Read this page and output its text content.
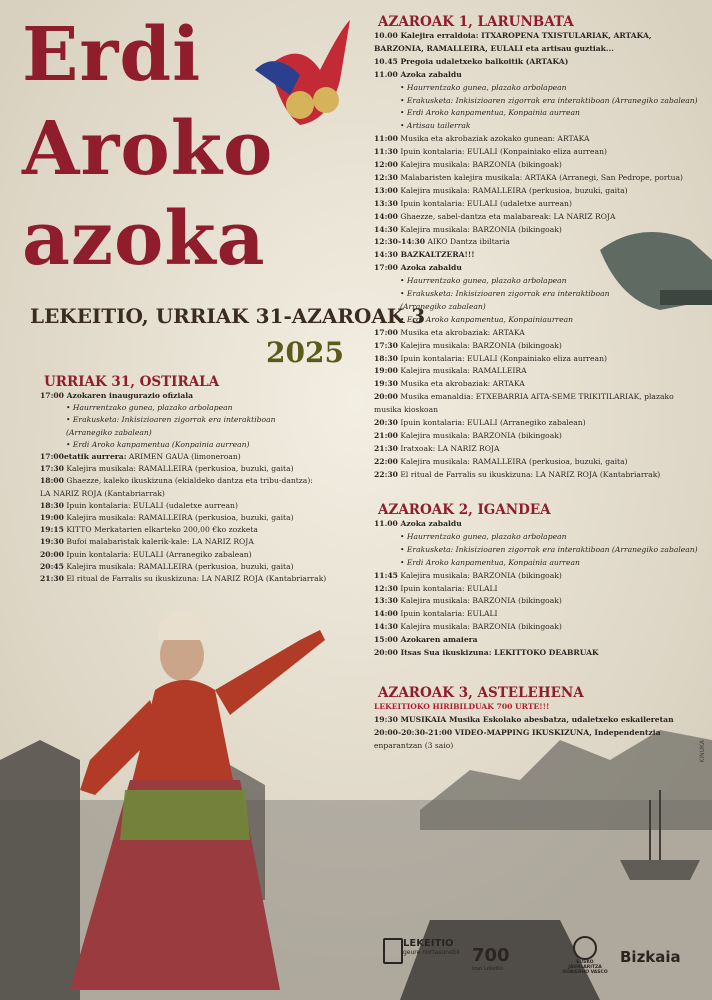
Erdi
Aroko
azoka
LEKEITIO, URRIAK 31-AZAROAK 3
2025
URRIAK 31, OSTIRALA
17:00 Azokaren inaugurazio ofiziala
• Haurrentzako gunea, plazako arbolapean
• Erakusketa: Inkisizioaren zigorrak era interaktiboan
(Arranegiko zabalean)
• Erdi Aroko kanpamentua (Konpainia aurrean)
17:00etatik aurrera: ARIMEN GAUA (limoneroan)
17:30 Kalejira musikala: RAMALLEIRA (perkusioa, buzuki, gaita)
18:00 Ghaezze, kaleko ikuskizuna (ekialdeko dantza eta tribu-dantza):
LA NARIZ ROJA (Kantabriarrak)
18:30 Ipuin kontalaria: EULALI (udaletxe aurrean)
19:00 Kalejira musikala: RAMALLEIRA (perkusioa, buzuki, gaita)
19:15 KITTO Merkatarien elkarteko 200,00 €ko zozketa
19:30 Bufoi malabaristak kalerik-kale: LA NARIZ ROJA
20:00 Ipuin kontalaria: EULALI (Arranegiko zabalean)
20:45 Kalejira musikala: RAMALLEIRA (perkusioa, buzuki, gaita)
21:30 El ritual de Farralis su ikuskizuna: LA NARIZ ROJA (Kantabriarrak)
AZAROAK 1, LARUNBATA
10.00 Kalejira erraldoia: ITXAROPENA TXISTULARIAK, ARTAKA,
BARZONIA, RAMALLEIRA, EULALI eta artisau guztiak...
10.45 Pregoia udaletxeko balkoitik (ARTAKA)
11.00 Azoka zabaldu
• Haurrentzako gunea, plazako arbolapean
• Erakusketa: Inkisizioaren zigorrak era interaktiboan (Arranegiko zabalean)
• Erdi Aroko kanpamentua, Konpainia aurrean
• Artisau tailerrak
11:00 Musika eta akrobaziak azokako gunean: ARTAKA
11:30 Ipuin kontalaria: EULALI (Konpainiako eliza aurrean)
12:00 Kalejira musikala: BARZONIA (bikingoak)
12:30 Malabaristen kalejira musikala: ARTAKA (Arranegi, San Pedrope, portua)
13:00 Kalejira musikala: RAMALLEIRA (perkusioa, buzuki, gaita)
13:30 Ipuin kontalaria: EULALI (udaletxe aurrean)
14:00 Ghaezze, sabel-dantza eta malabareak: LA NARIZ ROJA
14:30 Kalejira musikala: BARZONIA (bikingoak)
12:30-14:30 AIKO Dantza ibiltaria
14:30 BAZKALTZERA!!!
17:00 Azoka zabaldu
• Haurrentzako gunea, plazako arbolapean
• Erakusketa: Inkisizioaren zigorrak era interaktiboan
(Arranegiko zabalean)
• Erdi Aroko kanpamentua, Konpainiaurrean
17:00 Musika eta akrobaziak: ARTAKA
17:30 Kalejira musikala: BARZONIA (bikingoak)
18:30 Ipuin kontalaria: EULALI (Konpainiako eliza aurrean)
19:00 Kalejira musikala: RAMALLEIRA
19:30 Musika eta akrobaziak: ARTAKA
20:00 Musika emanaldia: ETXEBARRIA AITA-SEME TRIKITILARIAK, plazako
musika kioskoan
20:30 Ipuin kontalaria: EULALI (Arranegiko zabalean)
21:00 Kalejira musikala: BARZONIA (bikingoak)
21:30 Iratxoak: LA NARIZ ROJA
22:00 Kalejira musikala: RAMALLEIRA (perkusioa, buzuki, gaita)
22:30 El ritual de Farralis su ikuskizuna: LA NARIZ ROJA (Kantabriarrak)
AZAROAK 2, IGANDEA
11.00 Azoka zabaldu
• Haurrentzako gunea, plazako arbolapean
• Erakusketa: Inkisizioaren zigorrak era interaktiboan (Arranegiko zabalean)
• Erdi Aroko kanpamentua, Konpainia aurrean
11:45 Kalejira musikala: BARZONIA (bikingoak)
12:30 Ipuin kontalaria: EULALI
13:30 Kalejira musikala: BARZONIA (bikingoak)
14:00 Ipuin kontalaria: EULALI
14:30 Kalejira musikala: BARZONIA (bikingoak)
15:00 Azokaren amaiera
20:00 Itsas Sua ikuskizuna: LEKITTOKO DEABRUAK
AZAROAK 3, ASTELEHENA
LEKEITIOKO HIRIBILDUAK 700 URTE!!!
19:30 MUSIKAIA Musika Eskolako abesbatza, udaletxeko eskaileretan
20:00-20:30-21:00 VIDEO-MAPPING IKUSKIZUNA, Independentzia
enparantzan (3 saio)	KINUKA
LEKEITIO
geure nortasunetik 700
Izan Lekeitio
EUSKO JAURLARITZA GOBIERNO VASCO
Bizkaia
